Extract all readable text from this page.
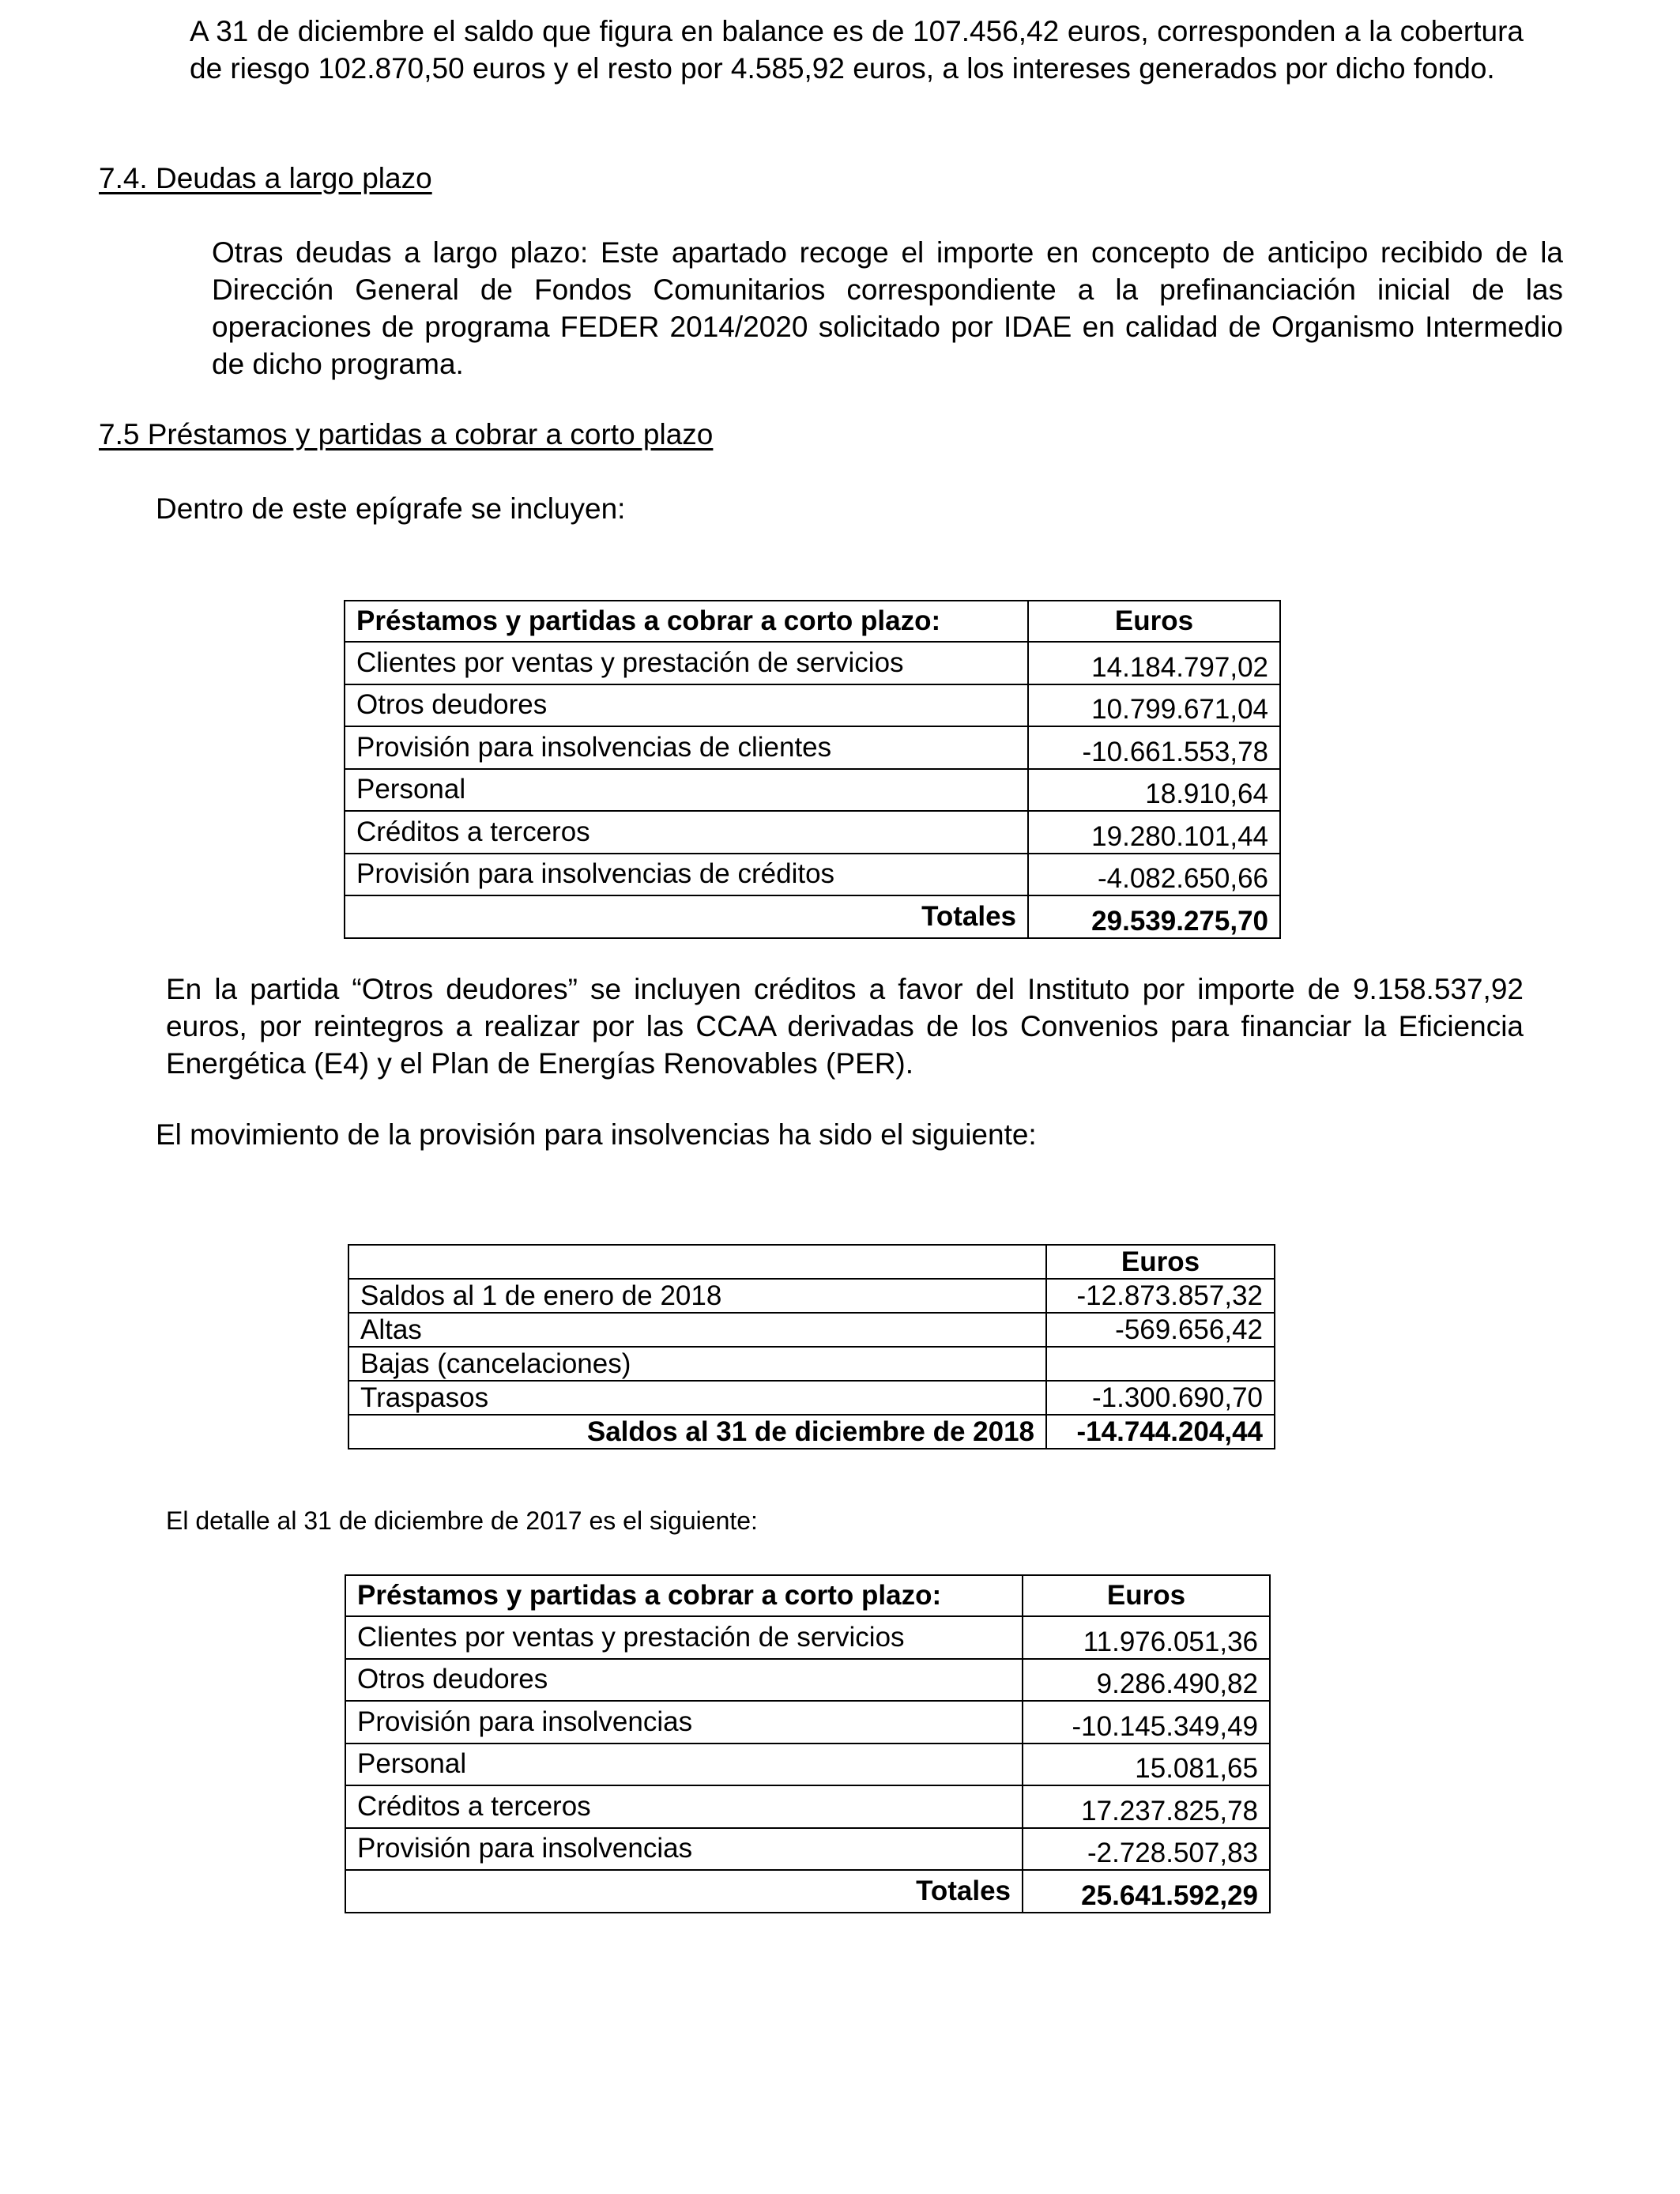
A 31 de diciembre el saldo que figura en balance es de 107.456,42 euros, corresponden a la cobertura de riesgo 102.870,50 euros y el resto por 4.585,92 euros, a los intereses generados por dicho fondo.

7.4. Deudas a largo plazo

Otras deudas a largo plazo: Este apartado recoge el importe en concepto de anticipo recibido de la Dirección General de Fondos Comunitarios correspondiente a la prefinanciación inicial de las operaciones de programa FEDER 2014/2020 solicitado por IDAE en calidad de Organismo Intermedio de dicho programa.

7.5 Préstamos y partidas a cobrar a corto plazo

Dentro de este epígrafe se incluyen:

Préstamos y partidas a cobrar a corto plazo:	Euros
Clientes por ventas y prestación de servicios	14.184.797,02
Otros deudores	10.799.671,04
Provisión para insolvencias de clientes	-10.661.553,78
Personal	18.910,64
Créditos a terceros	19.280.101,44
Provisión para insolvencias de créditos	-4.082.650,66
Totales	29.539.275,70

En la partida “Otros deudores” se incluyen créditos a favor del Instituto por importe de 9.158.537,92 euros, por reintegros a realizar por las CCAA derivadas de los Convenios para financiar la Eficiencia Energética (E4) y el Plan de Energías Renovables (PER).

El movimiento de la provisión para insolvencias ha sido el siguiente:

	Euros
Saldos al 1 de enero de 2018	-12.873.857,32
Altas	-569.656,42
Bajas (cancelaciones)	
Traspasos	-1.300.690,70
Saldos al 31 de diciembre de 2018	-14.744.204,44

El detalle al 31 de diciembre de 2017 es el siguiente:

Préstamos y partidas a cobrar a corto plazo:	Euros
Clientes por ventas y prestación de servicios	11.976.051,36
Otros deudores	9.286.490,82
Provisión para insolvencias	-10.145.349,49
Personal	15.081,65
Créditos a terceros	17.237.825,78
Provisión para insolvencias	-2.728.507,83
Totales	25.641.592,29
